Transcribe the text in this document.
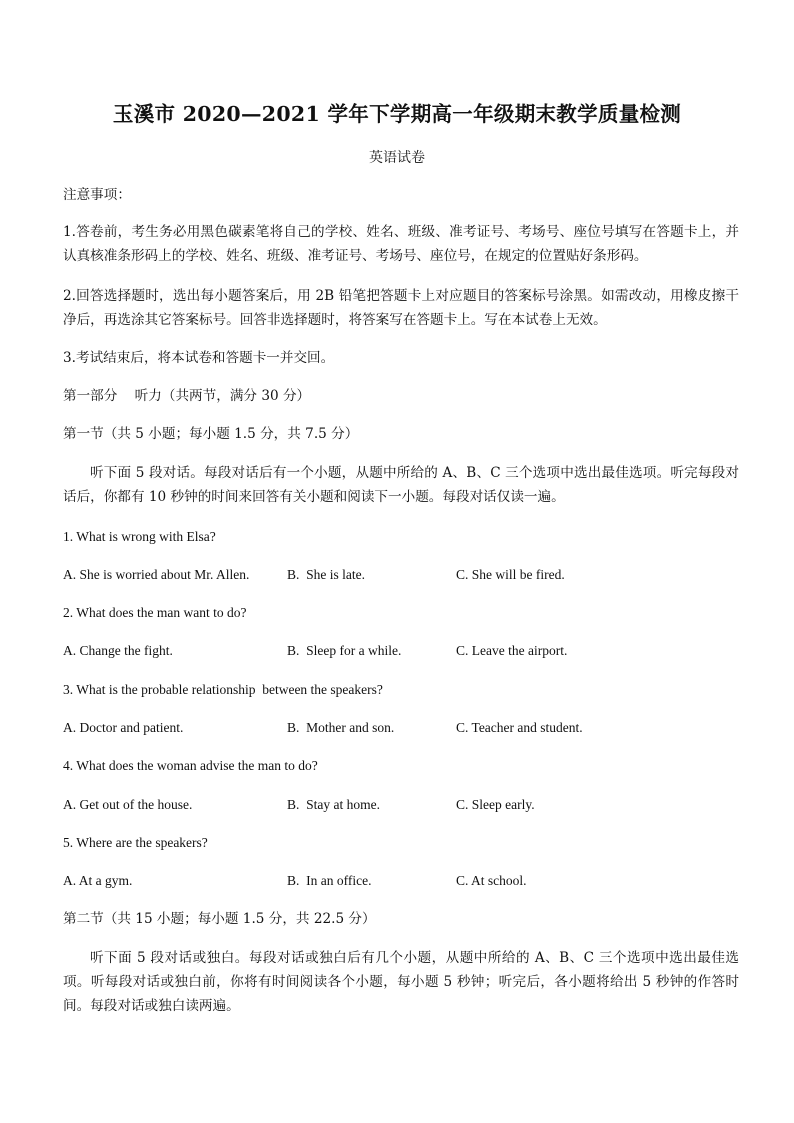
玉溪市 2020—2021 学年下学期高一年级期末教学质量检测
英语试卷
注意事项：
1.答卷前，考生务必用黑色碳素笔将自己的学校、姓名、班级、准考证号、考场号、座位号填写在答题卡上，并认真核准条形码上的学校、姓名、班级、准考证号、考场号、座位号，在规定的位置贴好条形码。
2.回答选择题时，选出每小题答案后，用 2B 铅笔把答题卡上对应题目的答案标号涂黑。如需改动，用橡皮擦干净后，再选涂其它答案标号。回答非选择题时，将答案写在答题卡上。写在本试卷上无效。
3.考试结束后，将本试卷和答题卡一并交回。
第一部分    听力（共两节，满分 30 分）
第一节（共 5 小题；每小题 1.5 分，共 7.5 分）
听下面 5 段对话。每段对话后有一个小题，从题中所给的 A、B、C 三个选项中选出最佳选项。听完每段对话后，你都有 10 秒钟的时间来回答有关小题和阅读下一小题。每段对话仅读一遍。
1. What is wrong with Elsa?
A. She is worried about Mr. Allen.	B.  She is late.	C. She will be fired.
2. What does the man want to do?
A. Change the fight.	B.  Sleep for a while.	C. Leave the airport.
3. What is the probable relationship  between the speakers?
A. Doctor and patient.	B.  Mother and son.	C. Teacher and student.
4. What does the woman advise the man to do?
A. Get out of the house.	B.  Stay at home.	C. Sleep early.
5. Where are the speakers?
A. At a gym.	B.  In an office.	C. At school.
第二节（共 15 小题；每小题 1.5 分，共 22.5 分）
听下面 5 段对话或独白。每段对话或独白后有几个小题，从题中所给的 A、B、C 三个选项中选出最佳选项。听每段对话或独白前，你将有时间阅读各个小题，每小题 5 秒钟；听完后，各小题将给出 5 秒钟的作答时间。每段对话或独白读两遍。
